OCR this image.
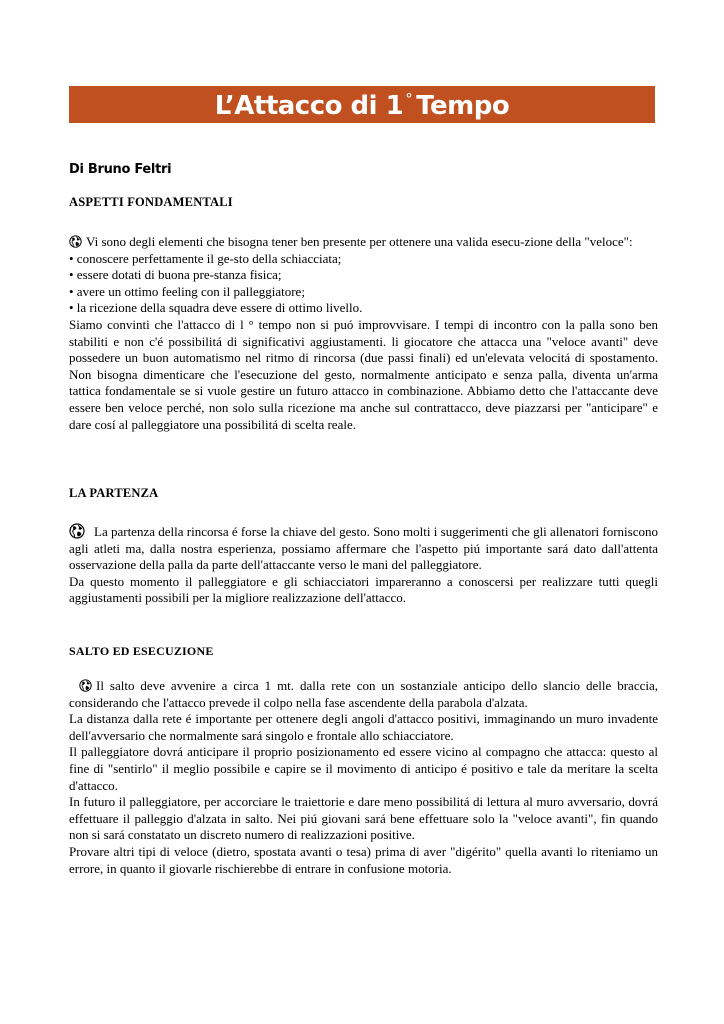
L’Attacco di 1 ° Tempo
Di Bruno Feltri
ASPETTI FONDAMENTALI

Vi sono degli elementi che bisogna tener ben presente per ottenere una valida esecu-zione della "veloce":

• conoscere perfettamente il ge-sto della schiacciata;

• essere dotati di buona pre-stanza fisica;

• avere un ottimo feeling con il palleggiatore;

• la ricezione della squadra deve essere di ottimo livello.

Siamo convinti che l'attacco di l ° tempo non si puó improvvisare. I tempi di incontro con la palla sono ben stabiliti e non c'é possibilitá di significativi aggiustamenti. li giocatore che attacca una "veloce avanti" deve possedere un buon automatismo nel ritmo di rincorsa (due passi finali) ed un'elevata velocitá di spostamento. Non bisogna dimenticare che l'esecuzione del gesto, normalmente anticipato e senza palla, diventa un'arma tattica fondamentale se si vuole gestire un futuro attacco in combinazione. Abbiamo detto che l'attaccante deve essere ben veloce perché, non solo sulla ricezione ma anche sul contrattacco, deve piazzarsi per "anticipare" e dare cosí al palleggiatore una possibilitá di scelta reale.

LA PARTENZA

La partenza della rincorsa é forse la chiave del gesto. Sono molti i suggerimenti che gli allenatori forniscono agli atleti ma, dalla nostra esperienza, possiamo affermare che l'aspetto piú importante sará dato dall'attenta osservazione della palla da parte dell'attaccante verso le mani del palleggiatore.

Da questo momento il palleggiatore e gli schiacciatori impareranno a conoscersi per realizzare tutti quegli aggiustamenti possibili per la migliore realizzazione dell'attacco.

SALTO ED ESECUZIONE

Il salto deve avvenire a circa 1 mt. dalla rete con un sostanziale anticipo dello slancio delle braccia, considerando che l'attacco prevede il colpo nella fase ascendente della parabola d'alzata.

La distanza dalla rete é importante per ottenere degli angoli d'attacco positivi, immaginando un muro invadente dell'avversario che normalmente sará singolo e frontale allo schiacciatore.

Il palleggiatore dovrá anticipare il proprio posizionamento ed essere vicino al compagno che attacca: questo al fine di "sentirlo" il meglio possibile e capire se il movimento di anticipo é positivo e tale da meritare la scelta d'attacco.

In futuro il palleggiatore, per accorciare le traiettorie e dare meno possibilitá di lettura al muro avversario, dovrá effettuare il palleggio d'alzata in salto. Nei piú giovani sará bene effettuare solo la "veloce avanti", fin quando non si sará constatato un discreto numero di realizzazioni positive.

Provare altri tipi di veloce (dietro, spostata avanti o tesa) prima di aver "digérito" quella avanti lo riteniamo un errore, in quanto il giovarle rischierebbe di entrare in confusione motoria.
